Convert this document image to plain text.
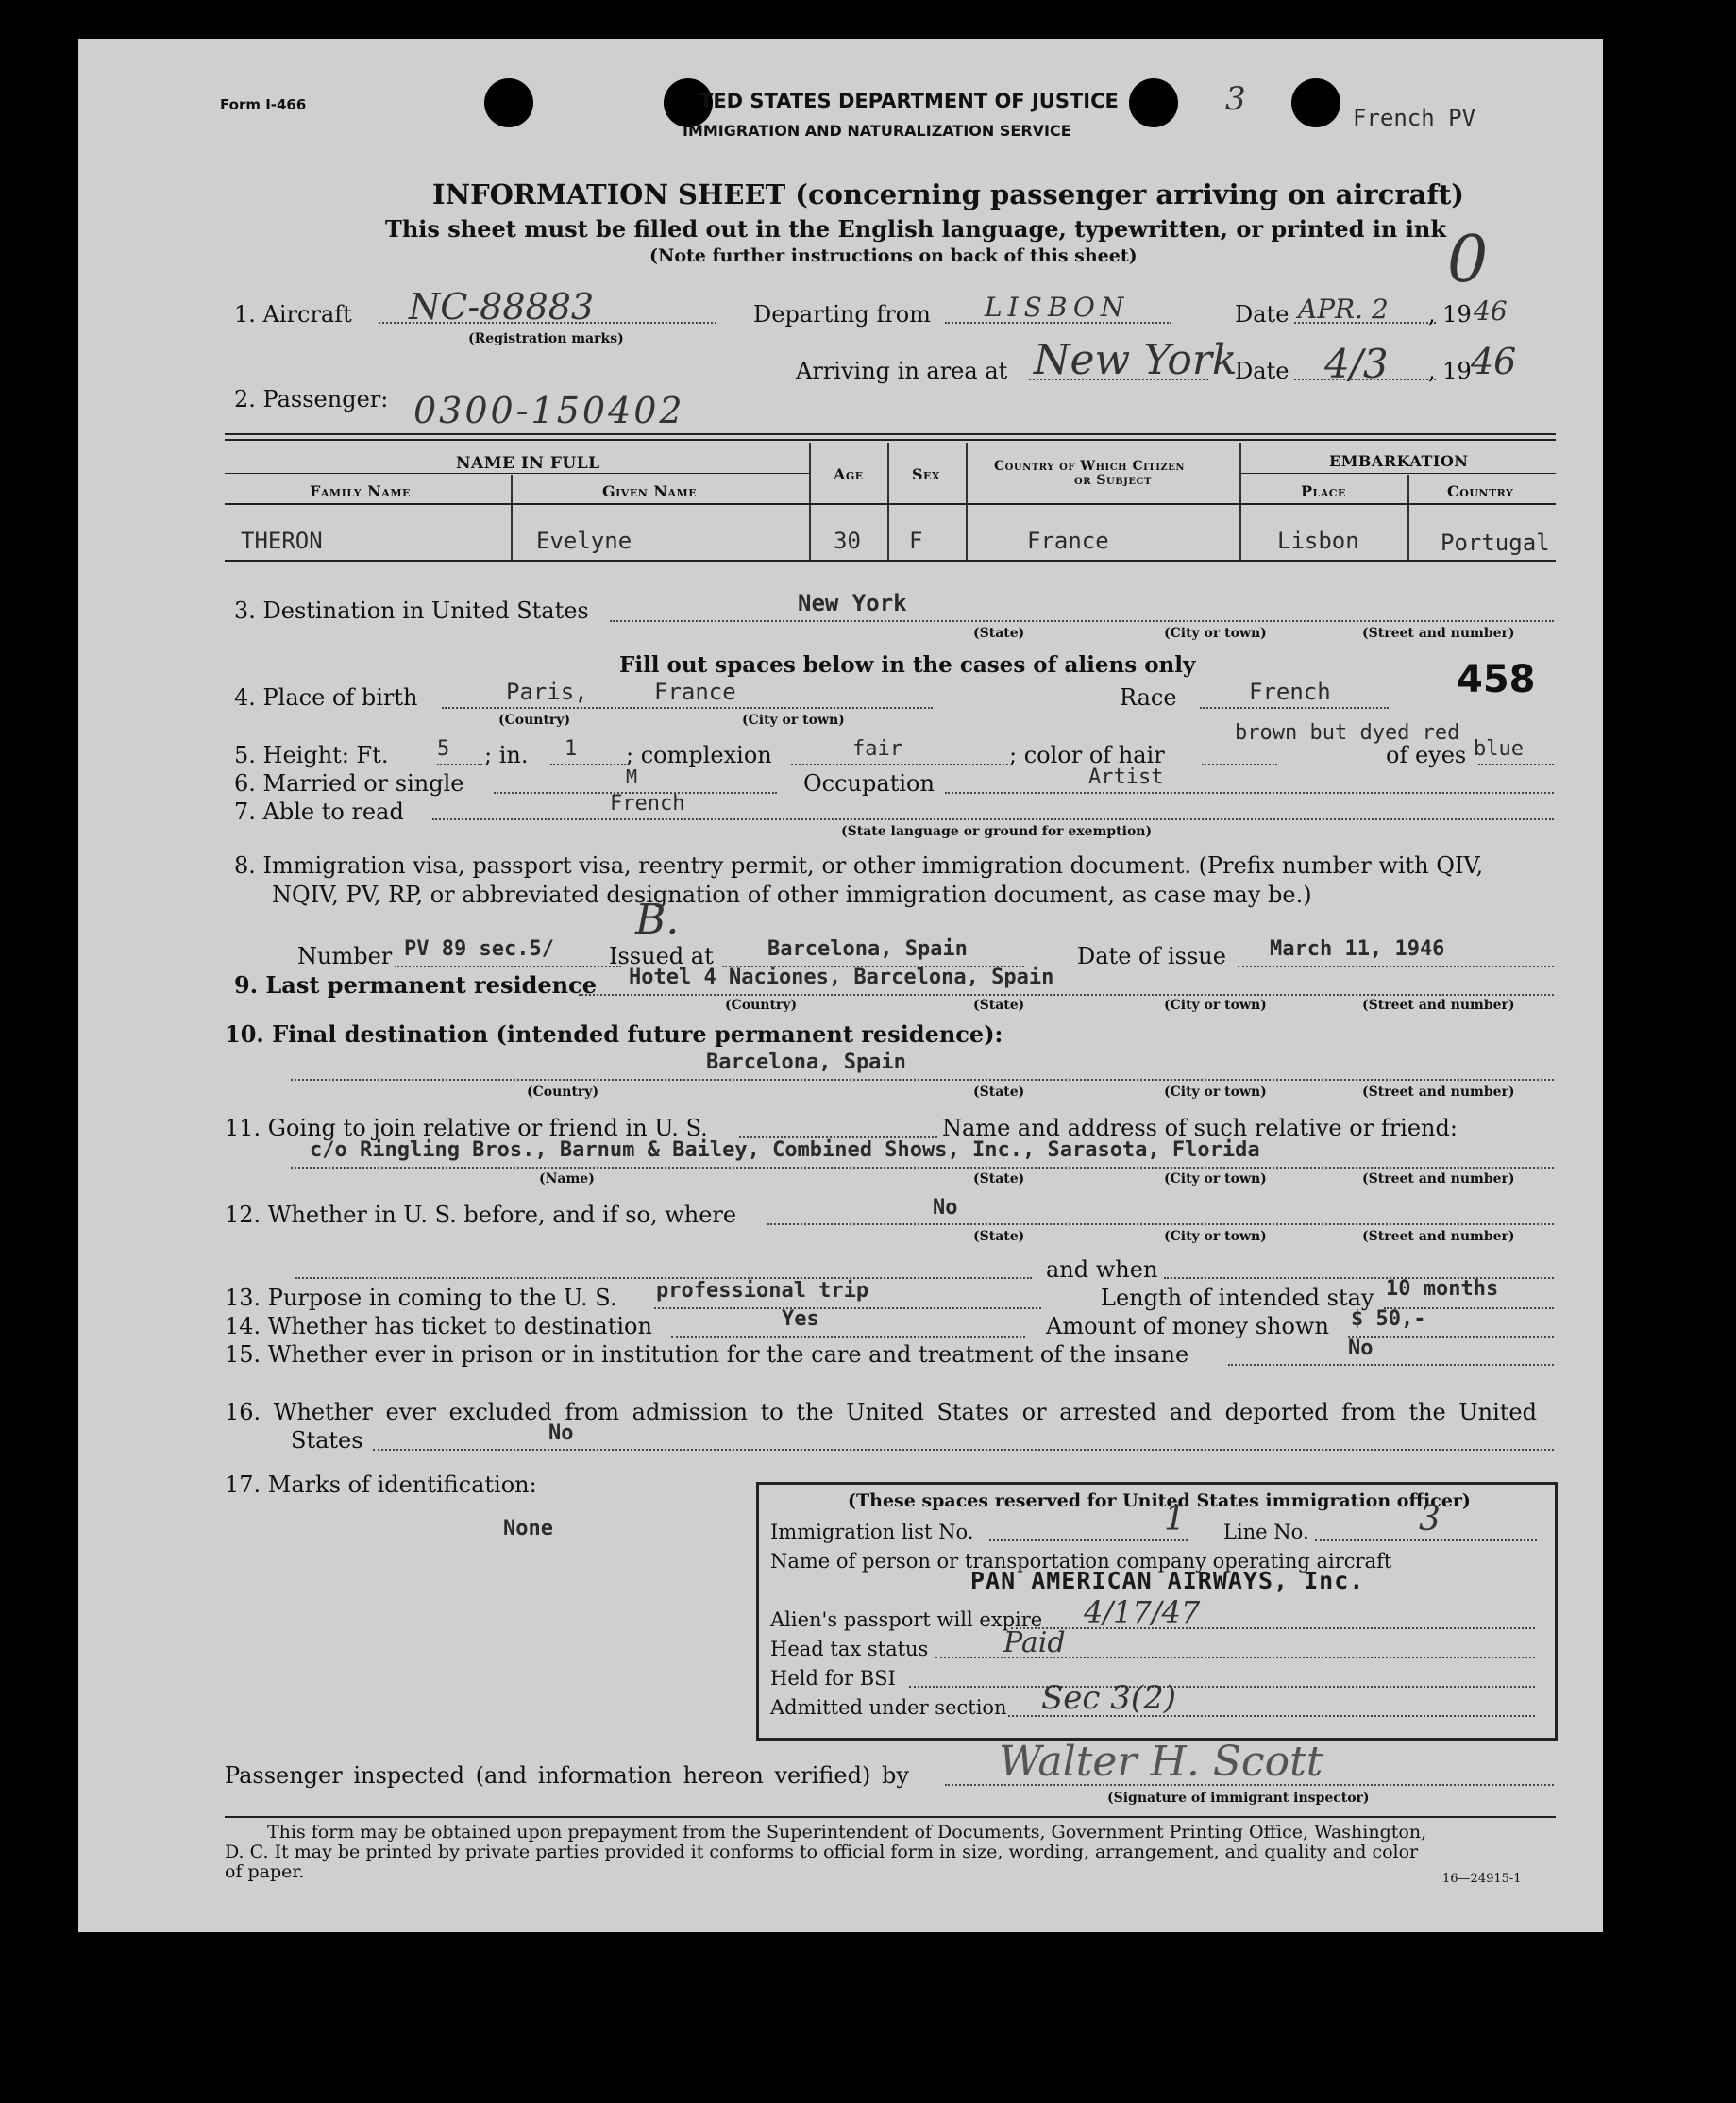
Form I-466	TED STATES DEPARTMENT OF JUSTICE
IMMIGRATION AND NATURALIZATION SERVICE
3	French PV
INFORMATION SHEET (concerning passenger arriving on aircraft)
This sheet must be filled out in the English language, typewritten, or printed in ink
(Note further instructions on back of this sheet)	0
1. Aircraft NC-88883
(Registration marks)
Departing from LISBON	Date APR. 2 , 19 46
Arriving in area at New York
Date 4/3 , 19 46
2. Passenger: 0300-150402
NAME IN FULL
Family Name	Given Name
Age	Sex	Country of Which Citizen
or Subject
EMBARKATION
Place	Country
THERON	Evelyne	30 F	France	Lisbon	Portugal
3. Destination in United States	New York
(State)	(City or town)	(Street and number)
Fill out spaces below in the cases of aliens only
4. Place of birth	Paris,	France
(Country)	(City or town)
Race	French	458
5. Height: Ft. 5 ; in. 1 ; complexion	fair	; color of hair
brown but dyed red
of eyes blue
6. Married or single	M	Occupation	Artist
7. Able to read	French
(State language or ground for exemption)
8. Immigration visa, passport visa, reentry permit, or other immigration document. (Prefix number with QIV,
NQIV, PV, RP, or abbreviated designation of other immigration document, as case may be.)
B.
Number PV 89 sec.5/ Issued at	Barcelona, Spain	Date of issue March 11, 1946
9. Last permanent residence Hotel 4 Naciones, Barcelona, Spain
(Country)	(State)	(City or town)	(Street and number)
10. Final destination (intended future permanent residence):
Barcelona, Spain
(Country)	(State)	(City or town)	(Street and number)
11. Going to join relative or friend in U. S.	Name and address of such relative or friend:
c/o Ringling Bros., Barnum & Bailey, Combined Shows, Inc., Sarasota, Florida
(Name)	(State)	(City or town)	(Street and number)
12. Whether in U. S. before, and if so, where	No
(State)	(City or town)	(Street and number)
and when
13. Purpose in coming to the U. S. professional trip	Length of intended stay 10 months
14. Whether has ticket to destination	Yes	Amount of money shown $ 50,-
15. Whether ever in prison or in institution for the care and treatment of the insane	No
16. Whether ever excluded from admission to the United States or arrested and deported from the United
States	No
17. Marks of identification:
None
(These spaces reserved for United States immigration officer)
Immigration list No.	1 Line No.	3
Name of person or transportation company operating aircraft
PAN AMERICAN AIRWAYS, Inc.
Alien's passport will expire 4/17/47
Head tax status	Paid
Held for BSI
Admitted under section Sec 3(2)
Passenger inspected (and information hereon verified) by Walter H. Scott
(Signature of immigrant inspector)
This form may be obtained upon prepayment from the Superintendent of Documents, Government Printing Office, Washington,
D. C. It may be printed by private parties provided it conforms to official form in size, wording, arrangement, and quality and color
of paper.	16—24915-1
